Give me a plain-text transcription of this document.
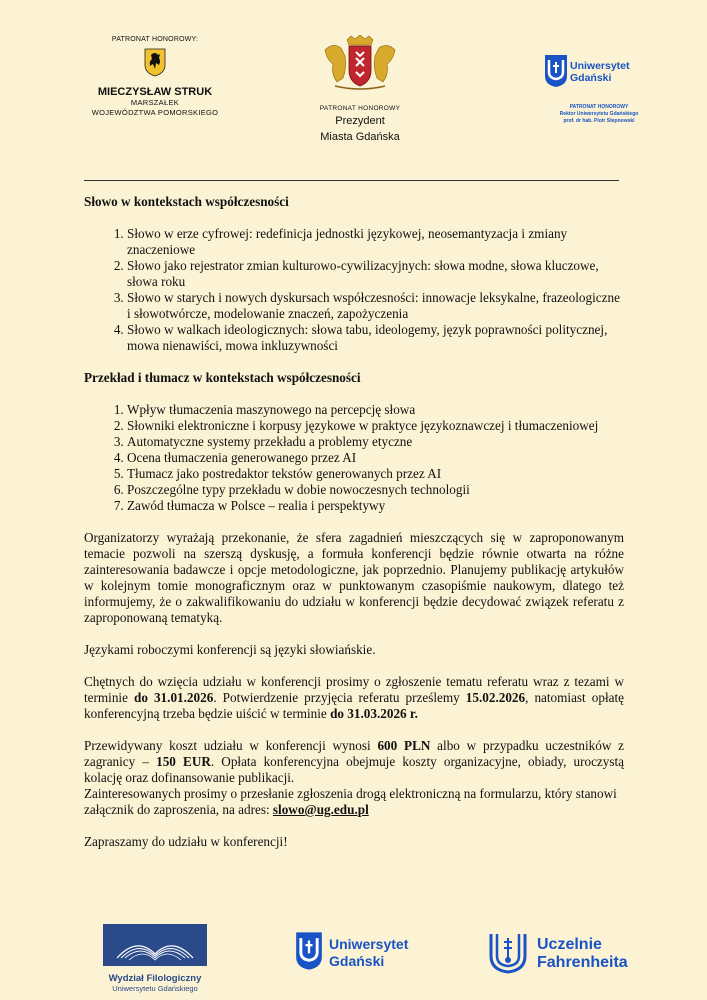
PATRONAT HONOROWY:
MIECZYSŁAW STRUK
MARSZAŁEK
WOJEWÓDZTWA POMORSKIEGO	PATRONAT HONOROWY
Prezydent
Miasta Gdańska
Uniwersytet
Gdański
PATRONAT HONOROWY
Rektor Uniwersytetu Gdańskiego
prof. dr hab. Piotr Stepnowski

Słowo w kontekstach współczesności

1. Słowo w erze cyfrowej: redefinicja jednostki językowej, neosemantyzacja i zmiany znaczeniowe
2. Słowo jako rejestrator zmian kulturowo-cywilizacyjnych: słowa modne, słowa kluczowe, słowa roku
3. Słowo w starych i nowych dyskursach współczesności: innowacje leksykalne, frazeologiczne i słowotwórcze, modelowanie znaczeń, zapożyczenia
4. Słowo w walkach ideologicznych: słowa tabu, ideologemy, język poprawności politycznej, mowa nienawiści, mowa inkluzywności

Przekład i tłumacz w kontekstach współczesności

1. Wpływ tłumaczenia maszynowego na percepcję słowa
2. Słowniki elektroniczne i korpusy językowe w praktyce językoznawczej i tłumaczeniowej
3. Automatyczne systemy przekładu a problemy etyczne
4. Ocena tłumaczenia generowanego przez AI
5. Tłumacz jako postredaktor tekstów generowanych przez AI
6. Poszczególne typy przekładu w dobie nowoczesnych technologii
7. Zawód tłumacza w Polsce – realia i perspektywy

Organizatorzy wyrażają przekonanie, że sfera zagadnień mieszczących się w zaproponowanym temacie pozwoli na szerszą dyskusję, a formuła konferencji będzie równie otwarta na różne zainteresowania badawcze i opcje metodologiczne, jak poprzednio. Planujemy publikację artykułów w kolejnym tomie monograficznym oraz w punktowanym czasopiśmie naukowym, dlatego też informujemy, że o zakwalifikowaniu do udziału w konferencji będzie decydować związek referatu z zaproponowaną tematyką.

Językami roboczymi konferencji są języki słowiańskie.

Chętnych do wzięcia udziału w konferencji prosimy o zgłoszenie tematu referatu wraz z tezami w terminie do 31.01.2026. Potwierdzenie przyjęcia referatu prześlemy 15.02.2026, natomiast opłatę konferencyjną trzeba będzie uiścić w terminie do 31.03.2026 r.

Przewidywany koszt udziału w konferencji wynosi 600 PLN albo w przypadku uczestników z zagranicy – 150 EUR. Opłata konferencyjna obejmuje koszty organizacyjne, obiady, uroczystą kolację oraz dofinansowanie publikacji.

Zainteresowanych prosimy o przesłanie zgłoszenia drogą elektroniczną na formularzu, który stanowi załącznik do zaproszenia, na adres: slowo@ug.edu.pl

Zapraszamy do udziału w konferencji!

Wydział Filologiczny
Uniwersytetu Gdańskiego
Uniwersytet
Gdański
Uczelnie
Fahrenheita
